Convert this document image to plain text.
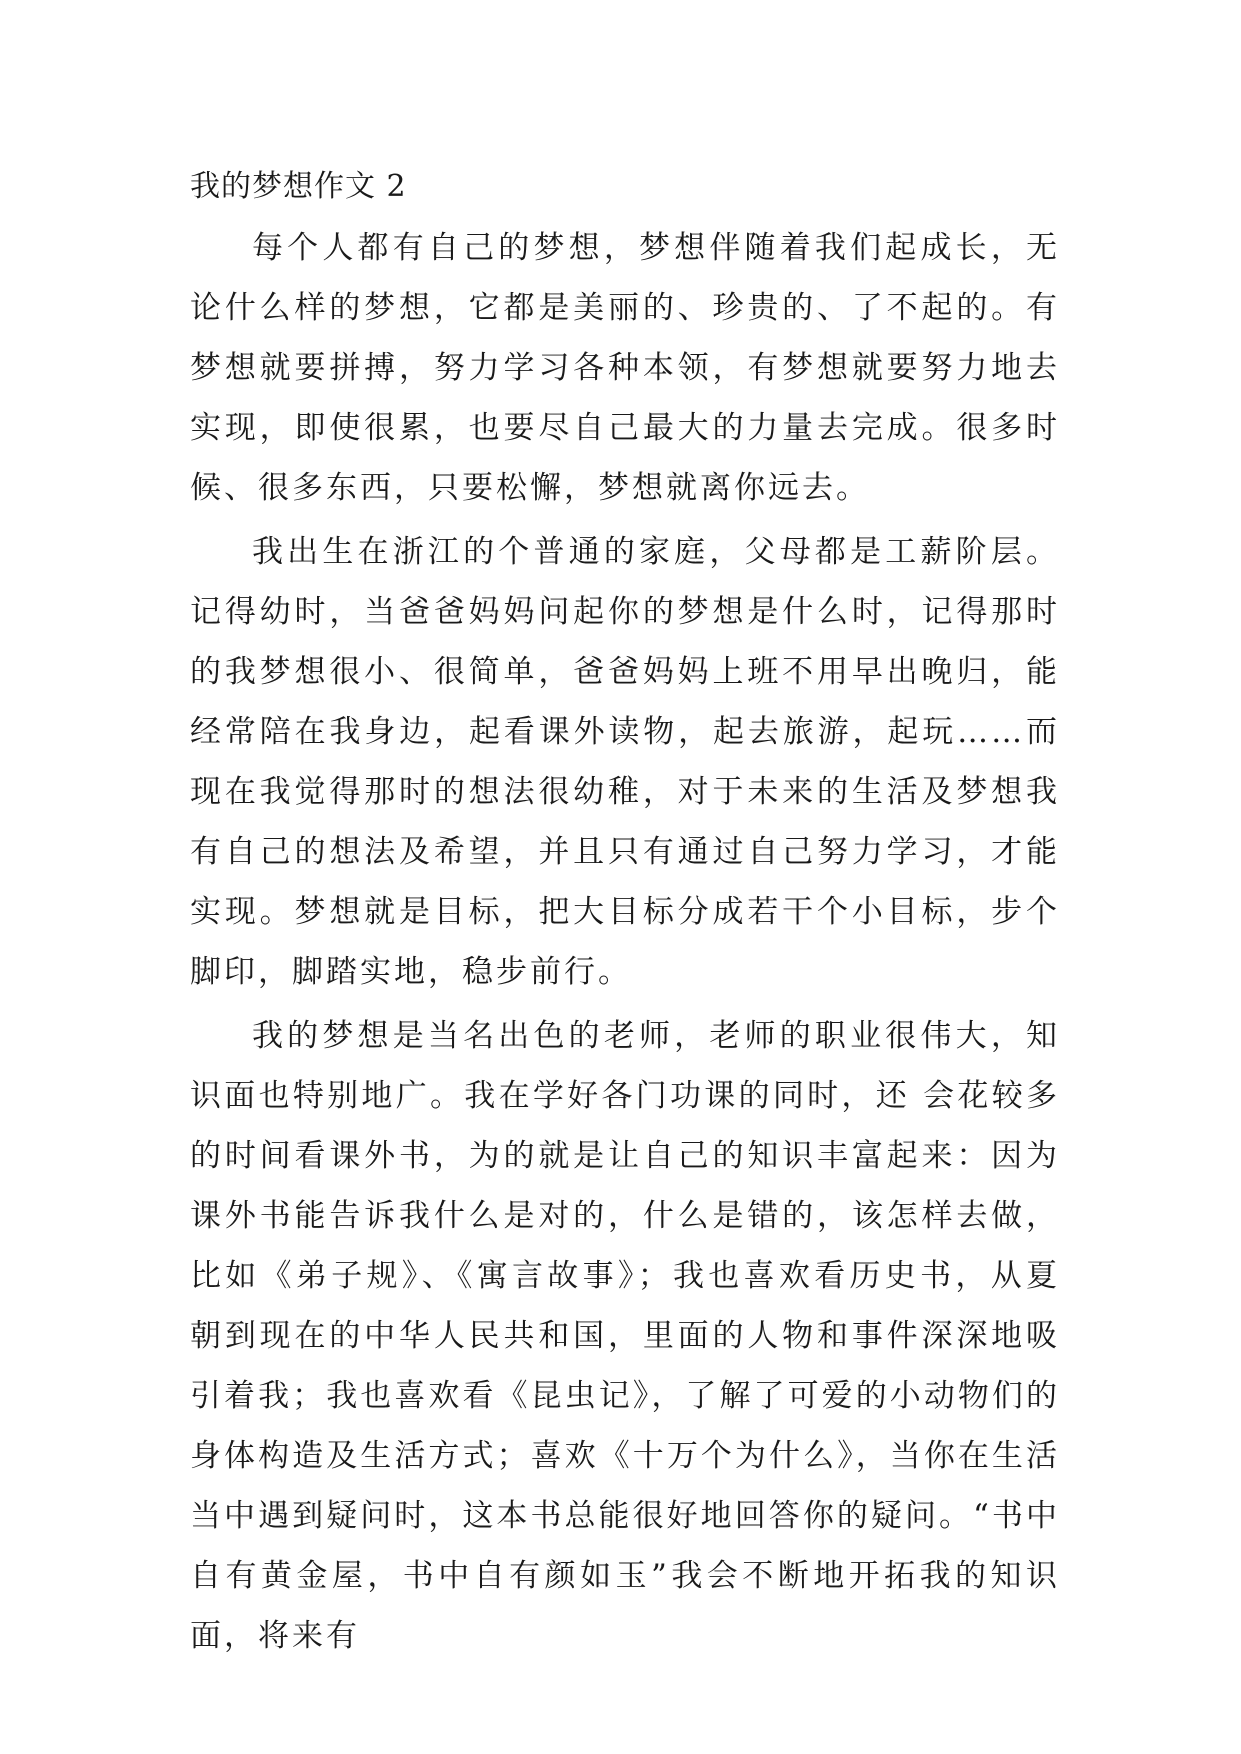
我的梦想作文 2

每个人都有自己的梦想，梦想伴随着我们起成长，无论什么样的梦想，它都是美丽的、珍贵的、了不起的。有梦想就要拼搏，努力学习各种本领，有梦想就要努力地去实现，即使很累，也要尽自己最大的力量去完成。很多时候、很多东西，只要松懈，梦想就离你远去。

我出生在浙江的个普通的家庭，父母都是工薪阶层。记得幼时，当爸爸妈妈问起你的梦想是什么时，记得那时的我梦想很小、很简单，爸爸妈妈上班不用早出晚归，能经常陪在我身边，起看课外读物，起去旅游，起玩……而现在我觉得那时的想法很幼稚，对于未来的生活及梦想我有自己的想法及希望，并且只有通过自己努力学习，才能实现。梦想就是目标，把大目标分成若干个小目标，步个脚印，脚踏实地，稳步前行。

我的梦想是当名出色的老师，老师的职业很伟大，知识面也特别地广。我在学好各门功课的同时，还 会花较多的时间看课外书，为的就是让自己的知识丰富起来：因为课外书能告诉我什么是对的，什么是错的，该怎样去做，比如《弟子规》、《寓言故事》；我也喜欢看历史书，从夏朝到现在的中华人民共和国，里面的人物和事件深深地吸引着我；我也喜欢看《昆虫记》，了解了可爱的小动物们的身体构造及生活方式；喜欢《十万个为什么》，当你在生活当中遇到疑问时，这本书总能很好地回答你的疑问。“书中自有黄金屋，书中自有颜如玉”我会不断地开拓我的知识面，将来有
